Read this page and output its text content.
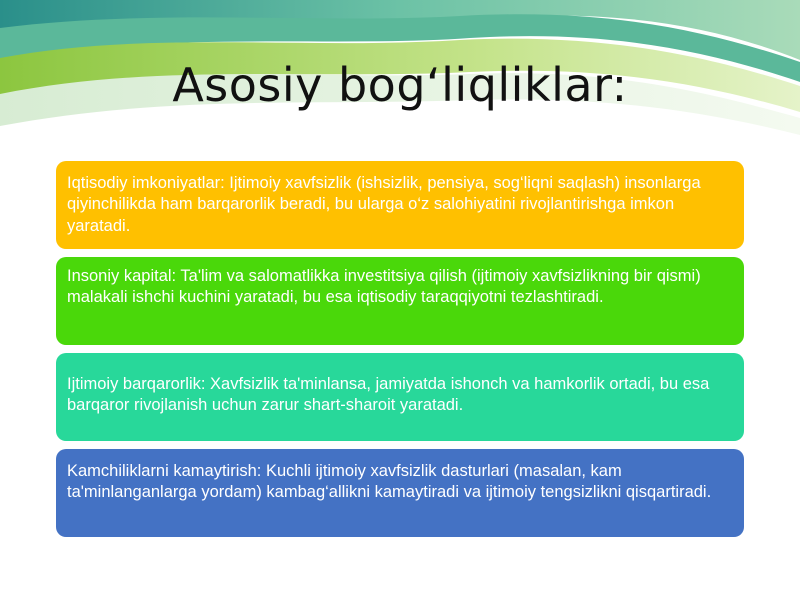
Asosiy bog‘liqliklar:
Iqtisodiy imkoniyatlar: Ijtimoiy xavfsizlik (ishsizlik, pensiya, sog‘liqni saqlash) insonlarga qiyinchilikda ham barqarorlik beradi, bu ularga o‘z salohiyatini rivojlantirishga imkon yaratadi.
Insoniy kapital: Ta'lim va salomatlikka investitsiya qilish (ijtimoiy xavfsizlikning bir qismi) malakali ishchi kuchini yaratadi, bu esa iqtisodiy taraqqiyotni tezlashtiradi.
Ijtimoiy barqarorlik: Xavfsizlik ta'minlansa, jamiyatda ishonch va hamkorlik ortadi, bu esa barqaror rivojlanish uchun zarur shart-sharoit yaratadi.
Kamchiliklarni kamaytirish: Kuchli ijtimoiy xavfsizlik dasturlari (masalan, kam ta'minlanganlarga yordam) kambag‘allikni kamaytiradi va ijtimoiy tengsizlikni qisqartiradi.
